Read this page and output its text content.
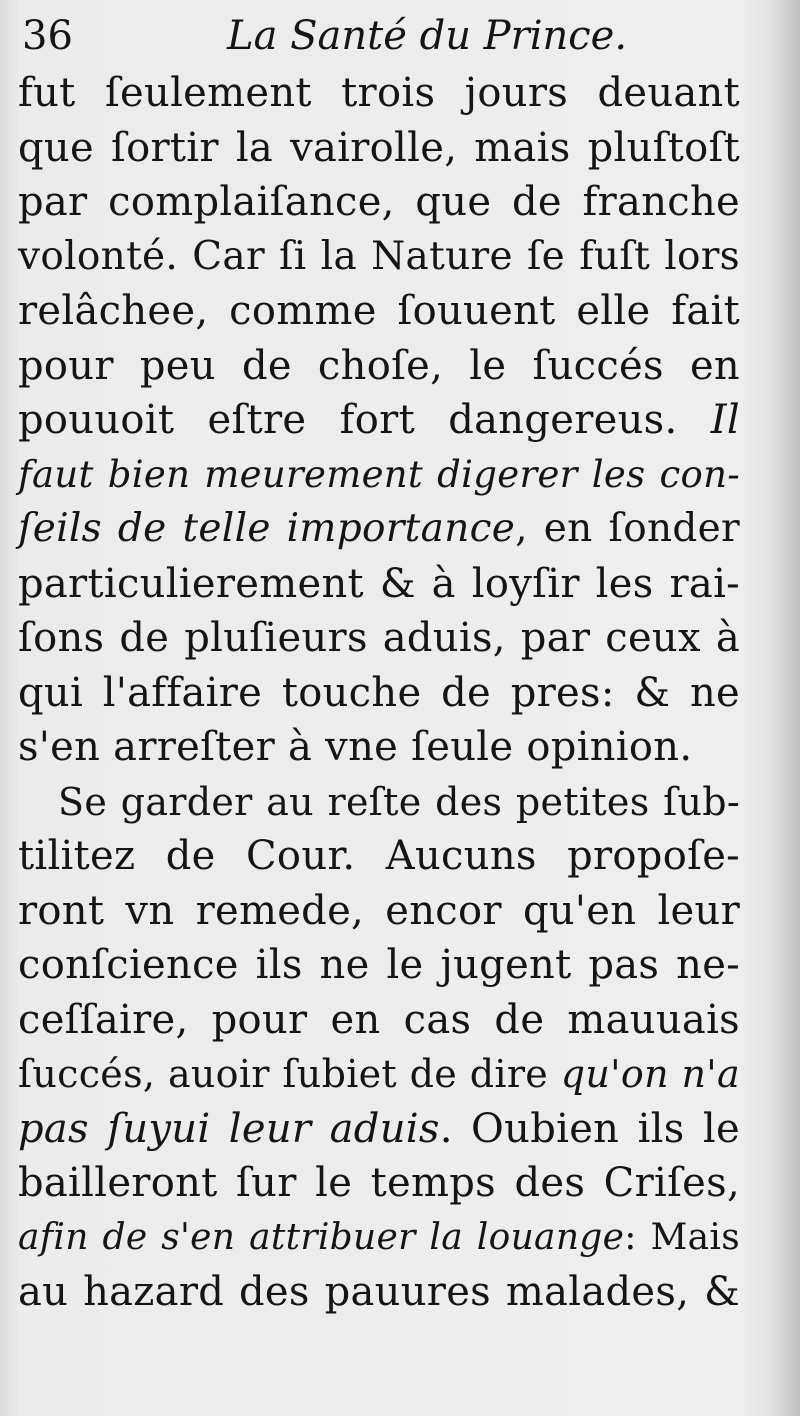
36	La Santé du Prince.
fut ſeulement trois jours deuant
que ſortir la vairolle, mais pluſtoſt
par complaiſance, que de franche
volonté. Car ſi la Nature ſe fuſt lors
relâchee, comme ſouuent elle fait
pour peu de choſe, le ſuccés en
pouuoit eſtre fort dangereus. Il
faut bien meurement digerer les con-
ſeils de telle importance, en ſonder
particulierement & à loyſir les rai-
ſons de pluſieurs aduis, par ceux à
qui l'affaire touche de pres: & ne
s'en arreſter à vne ſeule opinion.
Se garder au reſte des petites ſub-
tilitez de Cour. Aucuns propoſe-
ront vn remede, encor qu'en leur
conſcience ils ne le jugent pas ne-
ceſſaire, pour en cas de mauuais
ſuccés, auoir ſubiet de dire qu'on n'a
pas ſuyui leur aduis. Oubien ils le
bailleront ſur le temps des Criſes,
afin de s'en attribuer la louange: Mais
au hazard des pauures malades, &
